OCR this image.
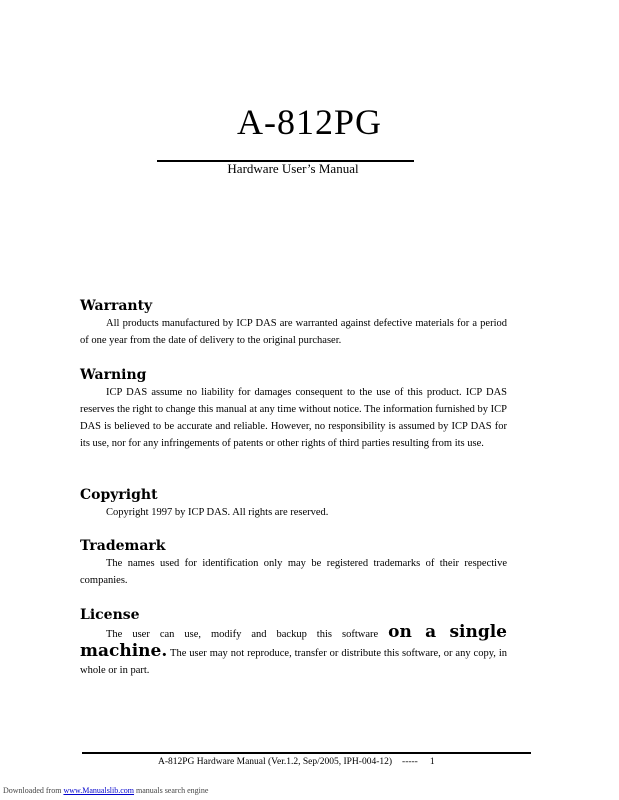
A-812PG
Hardware User’s Manual
Warranty

All products manufactured by ICP DAS are warranted against defective materials for a period of one year from the date of delivery to the original purchaser.

Warning

ICP DAS assume no liability for damages consequent to the use of this product. ICP DAS reserves the right to change this manual at any time without notice. The information furnished by ICP DAS is believed to be accurate and reliable. However, no responsibility is assumed by ICP DAS for its use, nor for any infringements of patents or other rights of third parties resulting from its use.

Copyright

Copyright 1997 by ICP DAS. All rights are reserved.

Trademark

The names used for identification only may be registered trademarks of their respective companies.

License

The user can use, modify and backup this software on a single machine. The user may not reproduce, transfer or distribute this software, or any copy, in whole or in part.

A-812PG Hardware Manual (Ver.1.2, Sep/2005, IPH-004-12) ----- 1
Downloaded from www.Manualslib.com manuals search engine
